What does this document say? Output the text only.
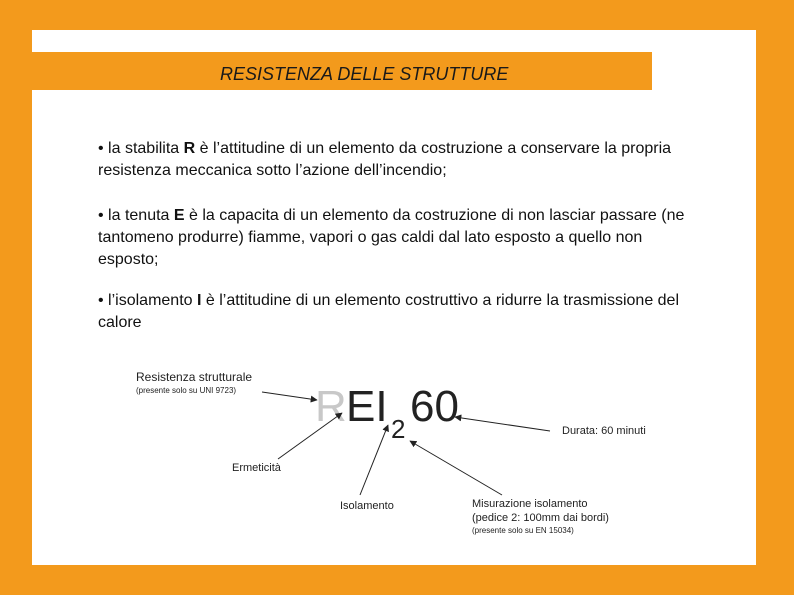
RESISTENZA DELLE STRUTTURE
• la stabilita R è l’attitudine di un elemento da costruzione a conservare la propria resistenza meccanica sotto l’azione dell’incendio;
• la tenuta E è la capacita di un elemento da costruzione di non lasciar passare (ne tantomeno produrre) fiamme, vapori o gas caldi dal lato esposto a quello non esposto;
• l’isolamento I è l’attitudine di un elemento costruttivo a ridurre la trasmissione del calore
Resistenza strutturale
(presente solo su UNI 9723)
Ermeticità
Isolamento
Durata: 60 minuti
Misurazione isolamento
(pedice 2: 100mm dai bordi)
(presente solo su EN 15034)
R EI 2 60
